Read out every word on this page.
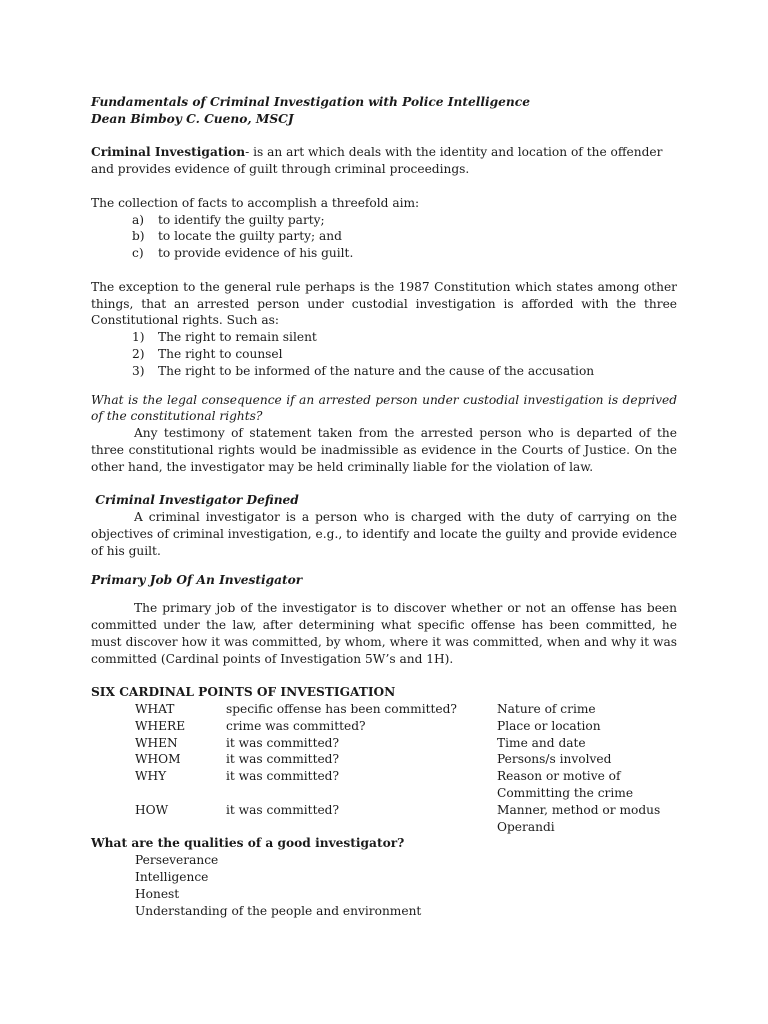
Fundamentals of Criminal Investigation with Police Intelligence

Dean Bimboy C. Cueno, MSCJ

Criminal Investigation- is an art which deals with the identity and location of the offender and provides evidence of guilt through criminal proceedings.

The collection of facts to accomplish a threefold aim:

a)	to identify the guilty party;
b)	to locate the guilty party; and
c)	to provide evidence of his guilt.

The exception to the general rule perhaps is the 1987 Constitution which states among other things, that an arrested person under custodial investigation is afforded with the three Constitutional rights. Such as:

1)	The right to remain silent
2)	The right to counsel
3)	The right to be informed of the nature and the cause of the accusation

What is the legal consequence if an arrested person under custodial investigation is deprived of the constitutional rights?

Any testimony of statement taken from the arrested person who is departed of the three constitutional rights would be inadmissible as evidence in the Courts of Justice. On the other hand, the investigator may be held criminally liable for the violation of law.

Criminal Investigator Defined

A criminal investigator is a person who is charged with the duty of carrying on the objectives of criminal investigation, e.g., to identify and locate the guilty and provide evidence of his guilt.

Primary Job Of An Investigator

The primary job of the investigator is to discover whether or not an offense has been committed under the law, after determining what specific offense has been committed, he must discover how it was committed, by whom, where it was committed, when and why it was committed (Cardinal points of Investigation 5W’s and 1H).

SIX CARDINAL POINTS OF INVESTIGATION

WHAT	specific offense has been committed?	Nature of crime
WHERE	crime was committed?	Place or location
WHEN	it was committed?	Time and date
WHOM	it was committed?	Persons/s involved
WHY	it was committed?	Reason or motive of
Committing the crime
HOW	it was committed?	Manner, method or modus
Operandi

What are the qualities of a good investigator?

Perseverance

Intelligence

Honest

Understanding of the people and environment
